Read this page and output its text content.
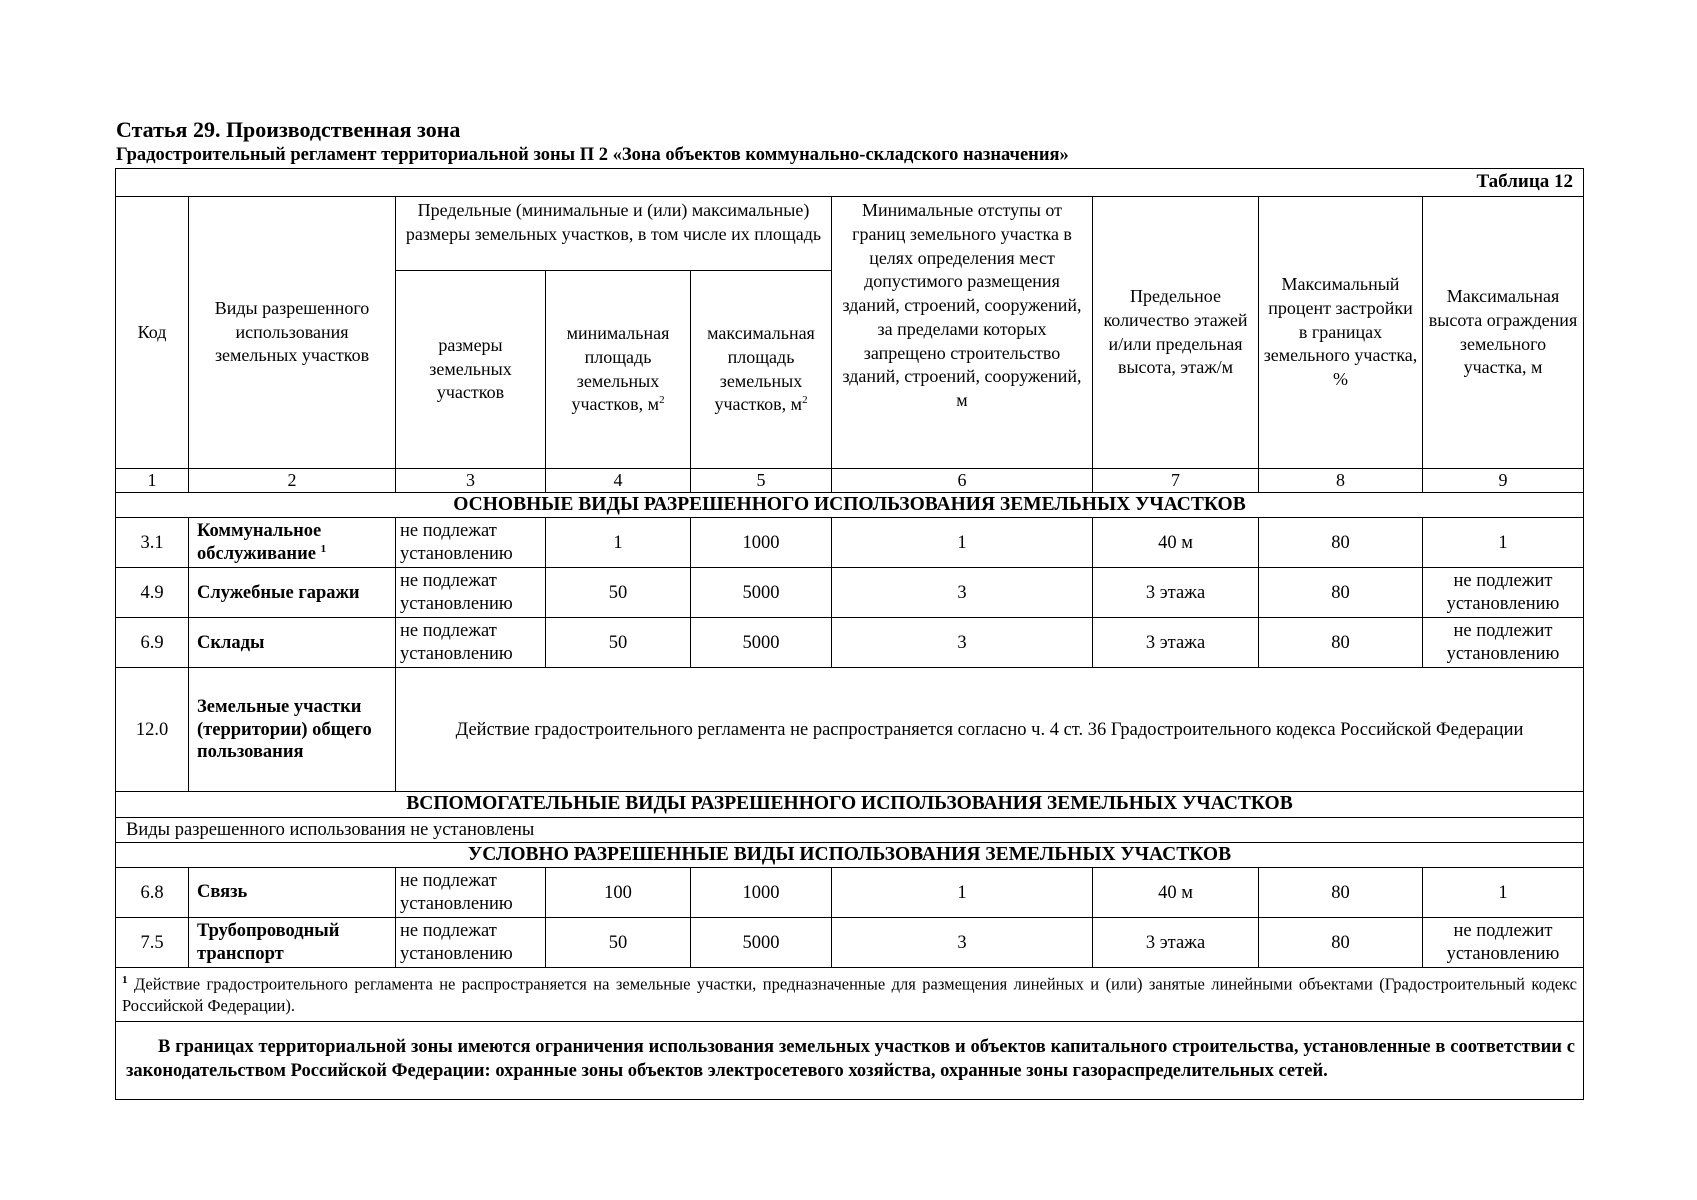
Статья 29. Производственная зона
Градостроительный регламент территориальной зоны П 2 «Зона объектов коммунально-складского назначения»
Таблица 12								
Код	Виды разрешенного использования земельных участков	Предельные (минимальные и (или) максимальные) размеры земельных участков, в том числе их площадь			Минимальные отступы от границ земельного участка в целях определения мест допустимого размещения зданий, строений, сооружений, за пределами которых запрещено строительство зданий, строений, сооружений, м	Предельное количество этажей и/или предельная высота, этаж/м	Максимальный процент застройки в границах земельного участка, %	Максимальная высота ограждения земельного участка, м
		размеры земельных участков	минимальная площадь земельных участков, $м^2$	максимальная площадь земельных участков, $м^2$
1	2	3	4	5	6	7	8	9
ОСНОВНЫЕ ВИДЫ РАЗРЕШЕННОГО ИСПОЛЬЗОВАНИЯ ЗЕМЕЛЬНЫХ УЧАСТКОВ								
3.1	Коммунальное обслуживание $^1$	не подлежат установлению	1	1000	1	40 м	80	1
4.9	Служебные гаражи	не подлежат установлению	50	5000	3	3 этажа	80	не подлежит установлению
6.9	Склады	не подлежат установлению	50	5000	3	3 этажа	80	не подлежит установлению
12.0	Земельные участки (территории) общего пользования	Действие градостроительного регламента не распространяется согласно ч. 4 ст. 36 Градостроительного кодекса Российской Федерации						
ВСПОМОГАТЕЛЬНЫЕ ВИДЫ РАЗРЕШЕННОГО ИСПОЛЬЗОВАНИЯ ЗЕМЕЛЬНЫХ УЧАСТКОВ								
Виды разрешенного использования не установлены								
УСЛОВНО РАЗРЕШЕННЫЕ ВИДЫ ИСПОЛЬЗОВАНИЯ ЗЕМЕЛЬНЫХ УЧАСТКОВ								
6.8	Связь	не подлежат установлению	100	1000	1	40 м	80	1
7.5	Трубопроводный транспорт	не подлежат установлению	50	5000	3	3 этажа	80	не подлежит установлению
$^1$ Действие градостроительного регламента не распространяется на земельные участки, предназначенные для размещения линейных и (или) занятые линейными объектами (Градостроительный кодекс Российской Федерации).								
В границах территориальной зоны имеются ограничения использования земельных участков и объектов капитального строительства, установленные в соответствии с законодательством Российской Федерации: охранные зоны объектов электросетевого хозяйства, охранные зоны газораспределительных сетей.								
